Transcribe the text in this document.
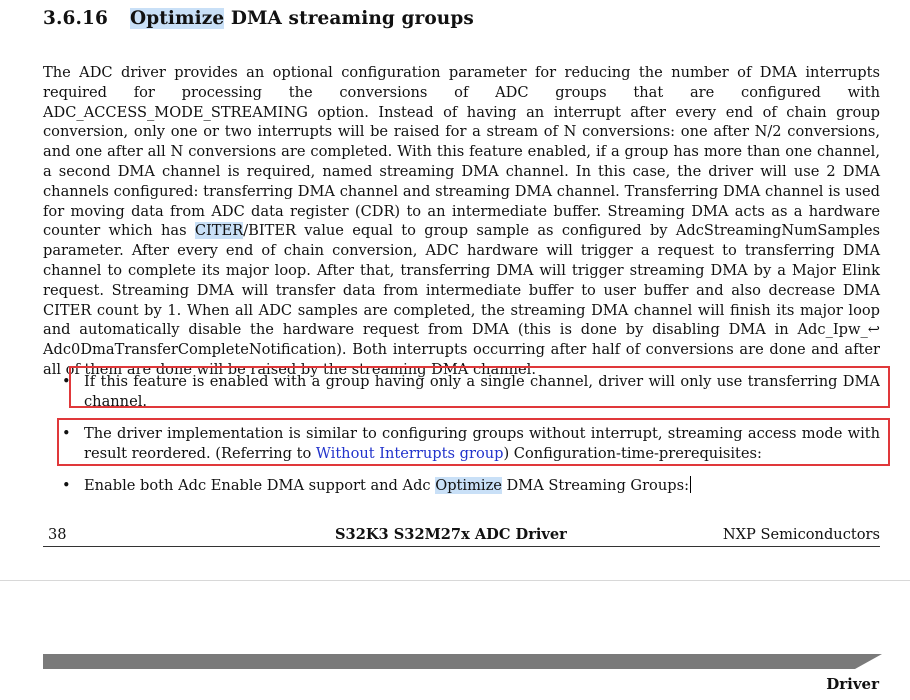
3.6.16 Optimize DMA streaming groups
The ADC driver provides an optional configuration parameter for reducing the number of DMA interrupts required for processing the conversions of ADC groups that are configured with ADC_ACCESS_MODE_STREAMING option. Instead of having an interrupt after every end of chain group conversion, only one or two interrupts will be raised for a stream of N conversions: one after N/2 conversions, and one after all N conversions are completed. With this feature enabled, if a group has more than one channel, a second DMA channel is required, named streaming DMA channel. In this case, the driver will use 2 DMA channels configured: transferring DMA channel and streaming DMA channel. Transferring DMA channel is used for moving data from ADC data register (CDR) to an intermediate buffer. Streaming DMA acts as a hardware counter which has CITER/BITER value equal to group sample as configured by AdcStreamingNumSamples parameter. After every end of chain conversion, ADC hardware will trigger a request to transferring DMA channel to complete its major loop. After that, transferring DMA will trigger streaming DMA by a Major Elink request. Streaming DMA will transfer data from intermediate buffer to user buffer and also decrease DMA CITER count by 1. When all ADC samples are completed, the streaming DMA channel will finish its major loop and automatically disable the hardware request from DMA (this is done by disabling DMA in Adc_Ipw_↩ Adc0DmaTransferCompleteNotification). Both interrupts occurring after half of conversions are done and after all of them are done will be raised by the streaming DMA channel.
• If this feature is enabled with a group having only a single channel, driver will only use transferring DMA channel.
• The driver implementation is similar to configuring groups without interrupt, streaming access mode with result reordered. (Referring to Without Interrupts group) Configuration-time-prerequisites:
• Enable both Adc Enable DMA support and Adc Optimize DMA Streaming Groups:
38	S32K3 S32M27x ADC Driver	NXP Semiconductors
Driver
